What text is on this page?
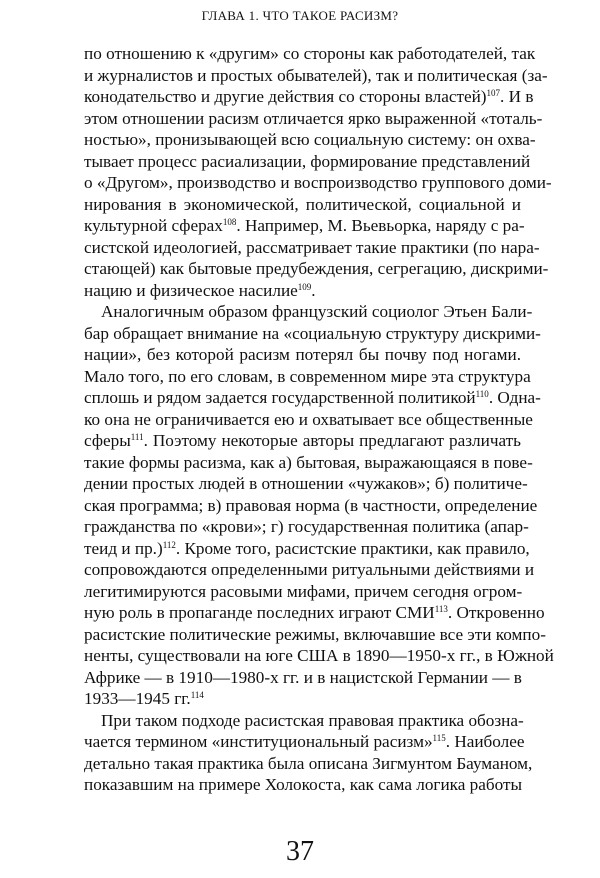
ГЛАВА 1. ЧТО ТАКОЕ РАСИЗМ?
по отношению к «другим» со стороны как работодателей, так
и журналистов и простых обывателей), так и политическая (за-
конодательство и другие действия со стороны властей)$^{107}$. И в
этом отношении расизм отличается ярко выраженной «тоталь-
ностью», пронизывающей всю социальную систему: он охва-
тывает процесс расиализации, формирование представлений
о «Другом», производство и воспроизводство группового доми-
нирования в экономической, политической, социальной и
культурной сферах$^{108}$. Например, М. Вьевьорка, наряду с ра-
систской идеологией, рассматривает такие практики (по нара-
стающей) как бытовые предубеждения, сегрегацию, дискрими-
нацию и физическое насилие$^{109}$.
Аналогичным образом французский социолог Этьен Бали-
бар обращает внимание на «социальную структуру дискрими-
нации», без которой расизм потерял бы почву под ногами.
Мало того, по его словам, в современном мире эта структура
сплошь и рядом задается государственной политикой$^{110}$. Одна-
ко она не ограничивается ею и охватывает все общественные
сферы$^{111}$. Поэтому некоторые авторы предлагают различать
такие формы расизма, как а) бытовая, выражающаяся в пове-
дении простых людей в отношении «чужаков»; б) политиче-
ская программа; в) правовая норма (в частности, определение
гражданства по «крови»; г) государственная политика (апар-
теид и пр.)$^{112}$. Кроме того, расистские практики, как правило,
сопровождаются определенными ритуальными действиями и
легитимируются расовыми мифами, причем сегодня огром-
ную роль в пропаганде последних играют СМИ$^{113}$. Откровенно
расистские политические режимы, включавшие все эти компо-
ненты, существовали на юге США в 1890—1950-х гг., в Южной
Африке — в 1910—1980-х гг. и в нацистской Германии — в
1933—1945 гг.$^{114}$
При таком подходе расистская правовая практика обозна-
чается термином «институциональный расизм»$^{115}$. Наиболее
детально такая практика была описана Зигмунтом Бауманом,
показавшим на примере Холокоста, как сама логика работы
37
